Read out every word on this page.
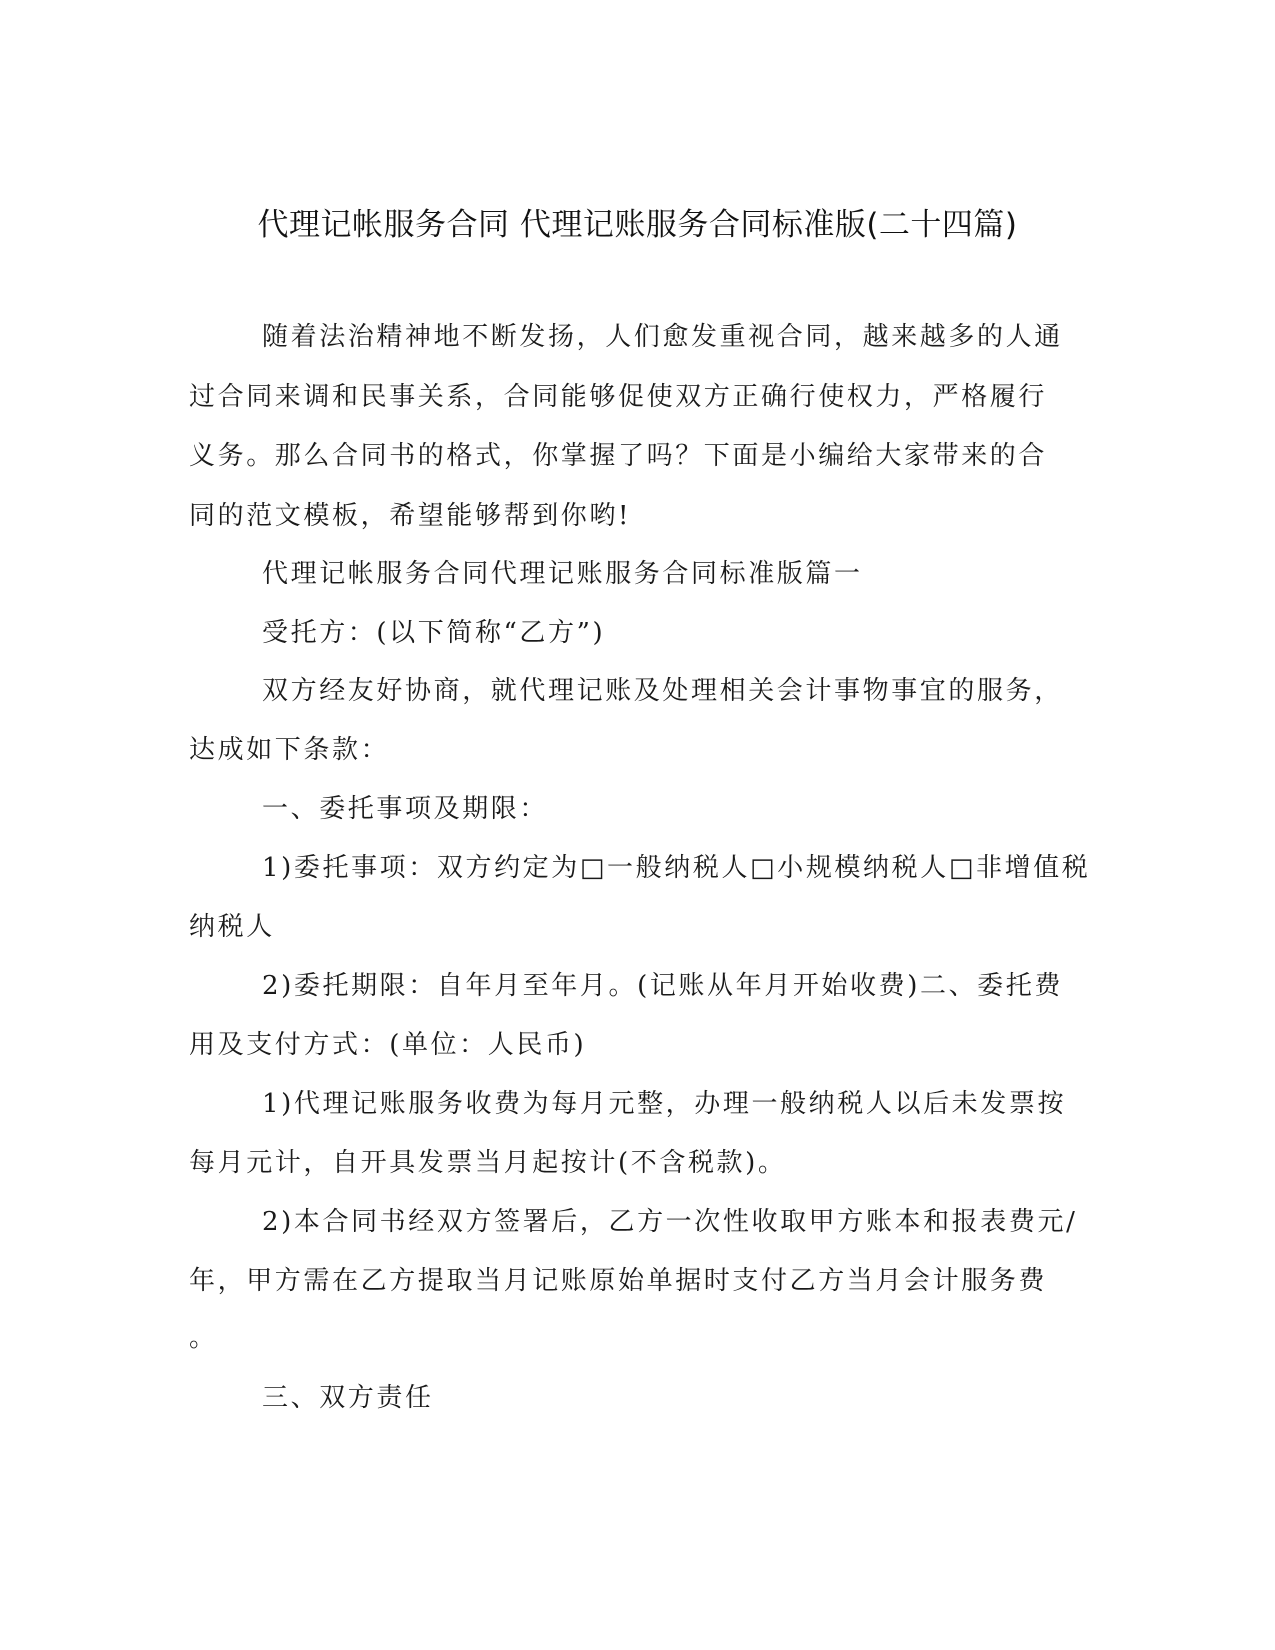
代理记帐服务合同 代理记账服务合同标准版(二十四篇)
随着法治精神地不断发扬，人们愈发重视合同，越来越多的人通
过合同来调和民事关系，合同能够促使双方正确行使权力，严格履行
义务。那么合同书的格式，你掌握了吗？下面是小编给大家带来的合
同的范文模板，希望能够帮到你哟!
代理记帐服务合同代理记账服务合同标准版篇一
受托方：(以下简称“乙方”)
双方经友好协商，就代理记账及处理相关会计事物事宜的服务，
达成如下条款：
一、委托事项及期限：
1)委托事项：双方约定为□一般纳税人□小规模纳税人□非增值税
纳税人
2)委托期限：自年月至年月。(记账从年月开始收费)二、委托费
用及支付方式：(单位：人民币)
1)代理记账服务收费为每月元整，办理一般纳税人以后未发票按
每月元计，自开具发票当月起按计(不含税款)。
2)本合同书经双方签署后，乙方一次性收取甲方账本和报表费元/
年，甲方需在乙方提取当月记账原始单据时支付乙方当月会计服务费
。
三、双方责任
